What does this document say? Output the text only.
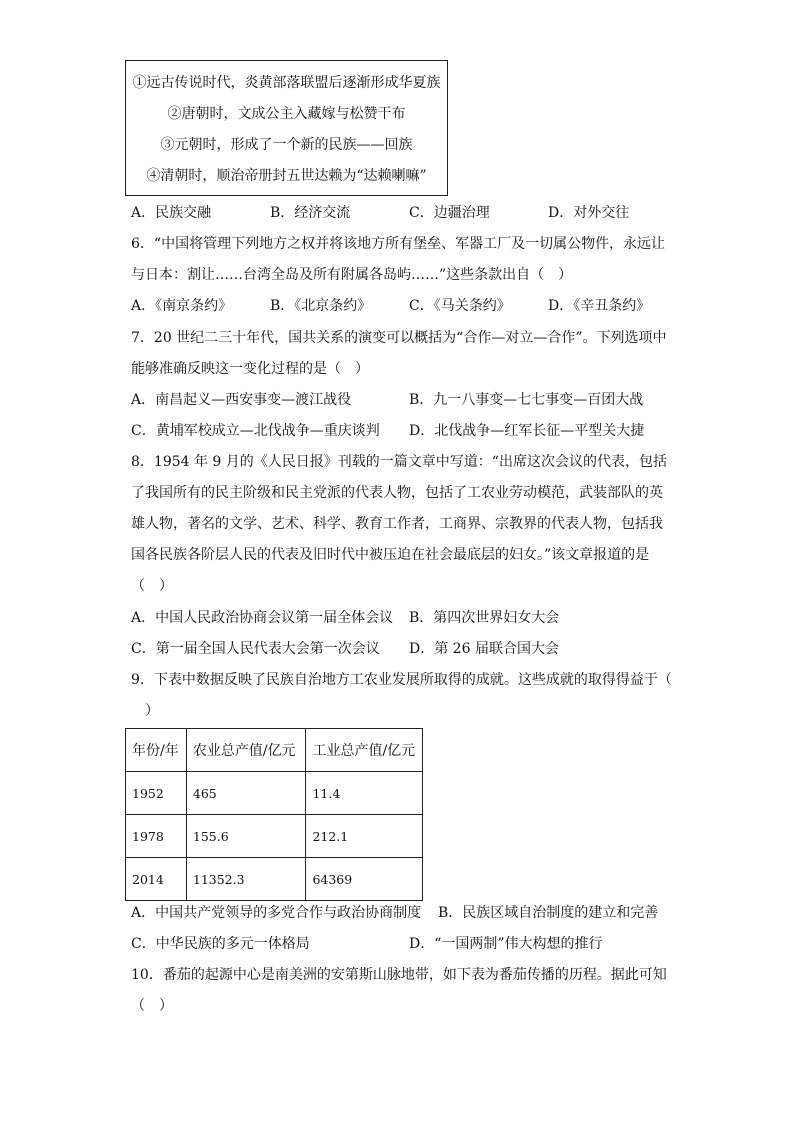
①远古传说时代，炎黄部落联盟后逐渐形成华夏族
②唐朝时，文成公主入藏嫁与松赞干布
③元朝时，形成了一个新的民族——回族
④清朝时，顺治帝册封五世达赖为“达赖喇嘛”
A．民族交融	B．经济交流	C．边疆治理	D．对外交往
6．“中国将管理下列地方之权并将该地方所有堡垒、军器工厂及一切属公物件，永远让
与日本：割让……台湾全岛及所有附属各岛屿……”这些条款出自（　）
A．《南京条约》	B．《北京条约》	C．《马关条约》	D．《辛丑条约》
7．20 世纪二三十年代，国共关系的演变可以概括为“合作—对立—合作”。下列选项中
能够准确反映这一变化过程的是（　）
A．南昌起义—西安事变—渡江战役	B．九一八事变—七七事变—百团大战
C．黄埔军校成立—北伐战争—重庆谈判 D．北伐战争—红军长征—平型关大捷
8．1954 年 9 月的《人民日报》刊载的一篇文章中写道：“出席这次会议的代表，包括
了我国所有的民主阶级和民主党派的代表人物，包括了工农业劳动模范，武装部队的英
雄人物，著名的文学、艺术、科学、教育工作者，工商界、宗教界的代表人物，包括我
国各民族各阶层人民的代表及旧时代中被压迫在社会最底层的妇女。”该文章报道的是
（　）
A．中国人民政治协商会议第一届全体会议 B．第四次世界妇女大会
C．第一届全国人民代表大会第一次会议 D．第 26 届联合国大会
9．下表中数据反映了民族自治地方工农业发展所取得的成就。这些成就的取得得益于（
　）
年份/年	农业总产值/亿元	工业总产值/亿元
1952	465	11.4
1978	155.6	212.1
2014	11352.3	64369
A．中国共产党领导的多党合作与政治协商制度 B．民族区域自治制度的建立和完善
C．中华民族的多元一体格局	D．“一国两制”伟大构想的推行
10．番茄的起源中心是南美洲的安第斯山脉地带，如下表为番茄传播的历程。据此可知
（　）
